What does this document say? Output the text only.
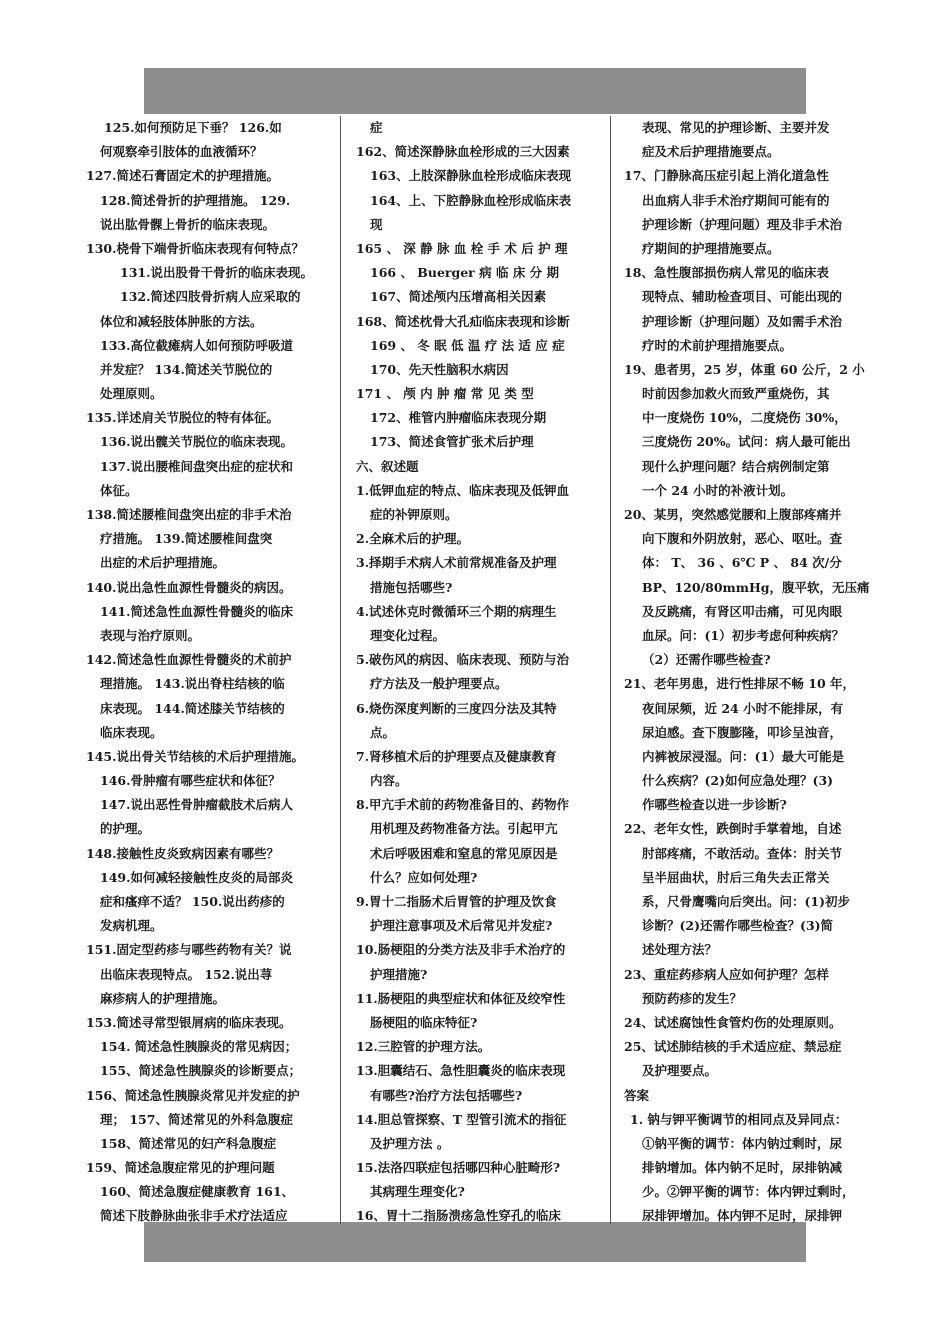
125.如何预防足下垂？ 126.如
何观察牵引肢体的血液循环？
127.简述石膏固定术的护理措施。
128.简述骨折的护理措施。 129.
说出肱骨髁上骨折的临床表现。
130.桡骨下端骨折临床表现有何特点？
131.说出股骨干骨折的临床表现。
132.简述四肢骨折病人应采取的
体位和减轻肢体肿胀的方法。
133.高位截瘫病人如何预防呼吸道
并发症？ 134.简述关节脱位的
处理原则。
135.详述肩关节脱位的特有体征。
136.说出髋关节脱位的临床表现。
137.说出腰椎间盘突出症的症状和
体征。
138.简述腰椎间盘突出症的非手术治
疗措施。 139.简述腰椎间盘突
出症的术后护理措施。
140.说出急性血源性骨髓炎的病因。
141.简述急性血源性骨髓炎的临床
表现与治疗原则。
142.简述急性血源性骨髓炎的术前护
理措施。 143.说出脊柱结核的临
床表现。 144.简述膝关节结核的
临床表现。
145.说出骨关节结核的术后护理措施。
146.骨肿瘤有哪些症状和体征？
147.说出恶性骨肿瘤截肢术后病人
的护理。
148.接触性皮炎致病因素有哪些？
149.如何减轻接触性皮炎的局部炎
症和瘙痒不适？ 150.说出药疹的
发病机理。
151.固定型药疹与哪些药物有关？说
出临床表现特点。 152.说出荨
麻疹病人的护理措施。
153.简述寻常型银屑病的临床表现。
154. 简述急性胰腺炎的常见病因；
155、简述急性胰腺炎的诊断要点；
156、简述急性胰腺炎常见并发症的护
理； 157、简述常见的外科急腹症
158、简述常见的妇产科急腹症
159、简述急腹症常见的护理问题
160、简述急腹症健康教育 161、
简述下肢静脉曲张非手术疗法适应
症
162、简述深静脉血栓形成的三大因素
163、上肢深静脉血栓形成临床表现
164、上、下腔静脉血栓形成临床表
现
165 、 深 静 脉 血 栓 手 术 后 护 理
166 、 Buerger 病 临 床 分 期
167、简述颅内压增高相关因素
168、简述枕骨大孔疝临床表现和诊断
169 、 冬 眠 低 温 疗 法 适 应 症
170、先天性脑积水病因
171 、 颅 内 肿 瘤 常 见 类 型
172、椎管内肿瘤临床表现分期
173、简述食管扩张术后护理
六、叙述题
1.低钾血症的特点、临床表现及低钾血
症的补钾原则。
2.全麻术后的护理。
3.择期手术病人术前常规准备及护理
措施包括哪些?
4.试述休克时微循环三个期的病理生
理变化过程。
5.破伤风的病因、临床表现、预防与治
疗方法及一般护理要点。
6.烧伤深度判断的三度四分法及其特
点。
7.肾移植术后的护理要点及健康教育
内容。
8.甲亢手术前的药物准备目的、药物作
用机理及药物准备方法。引起甲亢
术后呼吸困难和窒息的常见原因是
什么？应如何处理?
9.胃十二指肠术后胃管的护理及饮食
护理注意事项及术后常见并发症?
10.肠梗阻的分类方法及非手术治疗的
护理措施?
11.肠梗阻的典型症状和体征及绞窄性
肠梗阻的临床特征?
12.三腔管的护理方法。
13.胆囊结石、急性胆囊炎的临床表现
有哪些?治疗方法包括哪些?
14.胆总管探察、T 型管引流术的指征
及护理方法 。
15.法洛四联症包括哪四种心脏畸形?
其病理生理变化?
16、胃十二指肠溃疡急性穿孔的临床
表现、常见的护理诊断、主要并发
症及术后护理措施要点。
17、门静脉高压症引起上消化道急性
出血病人非手术治疗期间可能有的
护理诊断（护理问题）理及非手术治
疗期间的护理措施要点。
18、急性腹部损伤病人常见的临床表
现特点、辅助检查项目、可能出现的
护理诊断（护理问题）及如需手术治
疗时的术前护理措施要点。
19、患者男，25 岁，体重 60 公斤，2 小
时前因参加救火而致严重烧伤，其
中一度烧伤 10%，二度烧伤 30%，
三度烧伤 20%。试问：病人最可能出
现什么护理问题？结合病例制定第
一个 24 小时的补液计划。
20、某男，突然感觉腰和上腹部疼痛并
向下腹和外阴放射，恶心、呕吐。查
体： T、 36 、6℃ P 、 84 次/分
BP、120/80mmHg，腹平软，无压痛
及反跳痛，有肾区叩击痛，可见肉眼
血尿。问：(1）初步考虑何种疾病？
（2）还需作哪些检查?
21、老年男患，进行性排尿不畅 10 年，
夜间尿频，近 24 小时不能排尿，有
尿迫感。查下腹膨隆，叩诊呈浊音，
内裤被尿浸湿。问：(1）最大可能是
什么疾病？(2)如何应急处理？(3)
作哪些检查以进一步诊断?
22、老年女性，跌倒时手掌着地，自述
肘部疼痛，不敢活动。查体：肘关节
呈半屈曲状，肘后三角失去正常关
系，尺骨鹰嘴向后突出。问：(1)初步
诊断？(2)还需作哪些检查？(3)简
述处理方法？
23、重症药疹病人应如何护理？怎样
预防药疹的发生？
24、试述腐蚀性食管灼伤的处理原则。
25、试述肺结核的手术适应症、禁忌症
及护理要点。
答案
1. 钠与钾平衡调节的相同点及异同点：
①钠平衡的调节：体内钠过剩时，尿
排钠增加。体内钠不足时，尿排钠减
少。②钾平衡的调节：体内钾过剩时，
尿排钾增加。体内钾不足时，尿排钾
